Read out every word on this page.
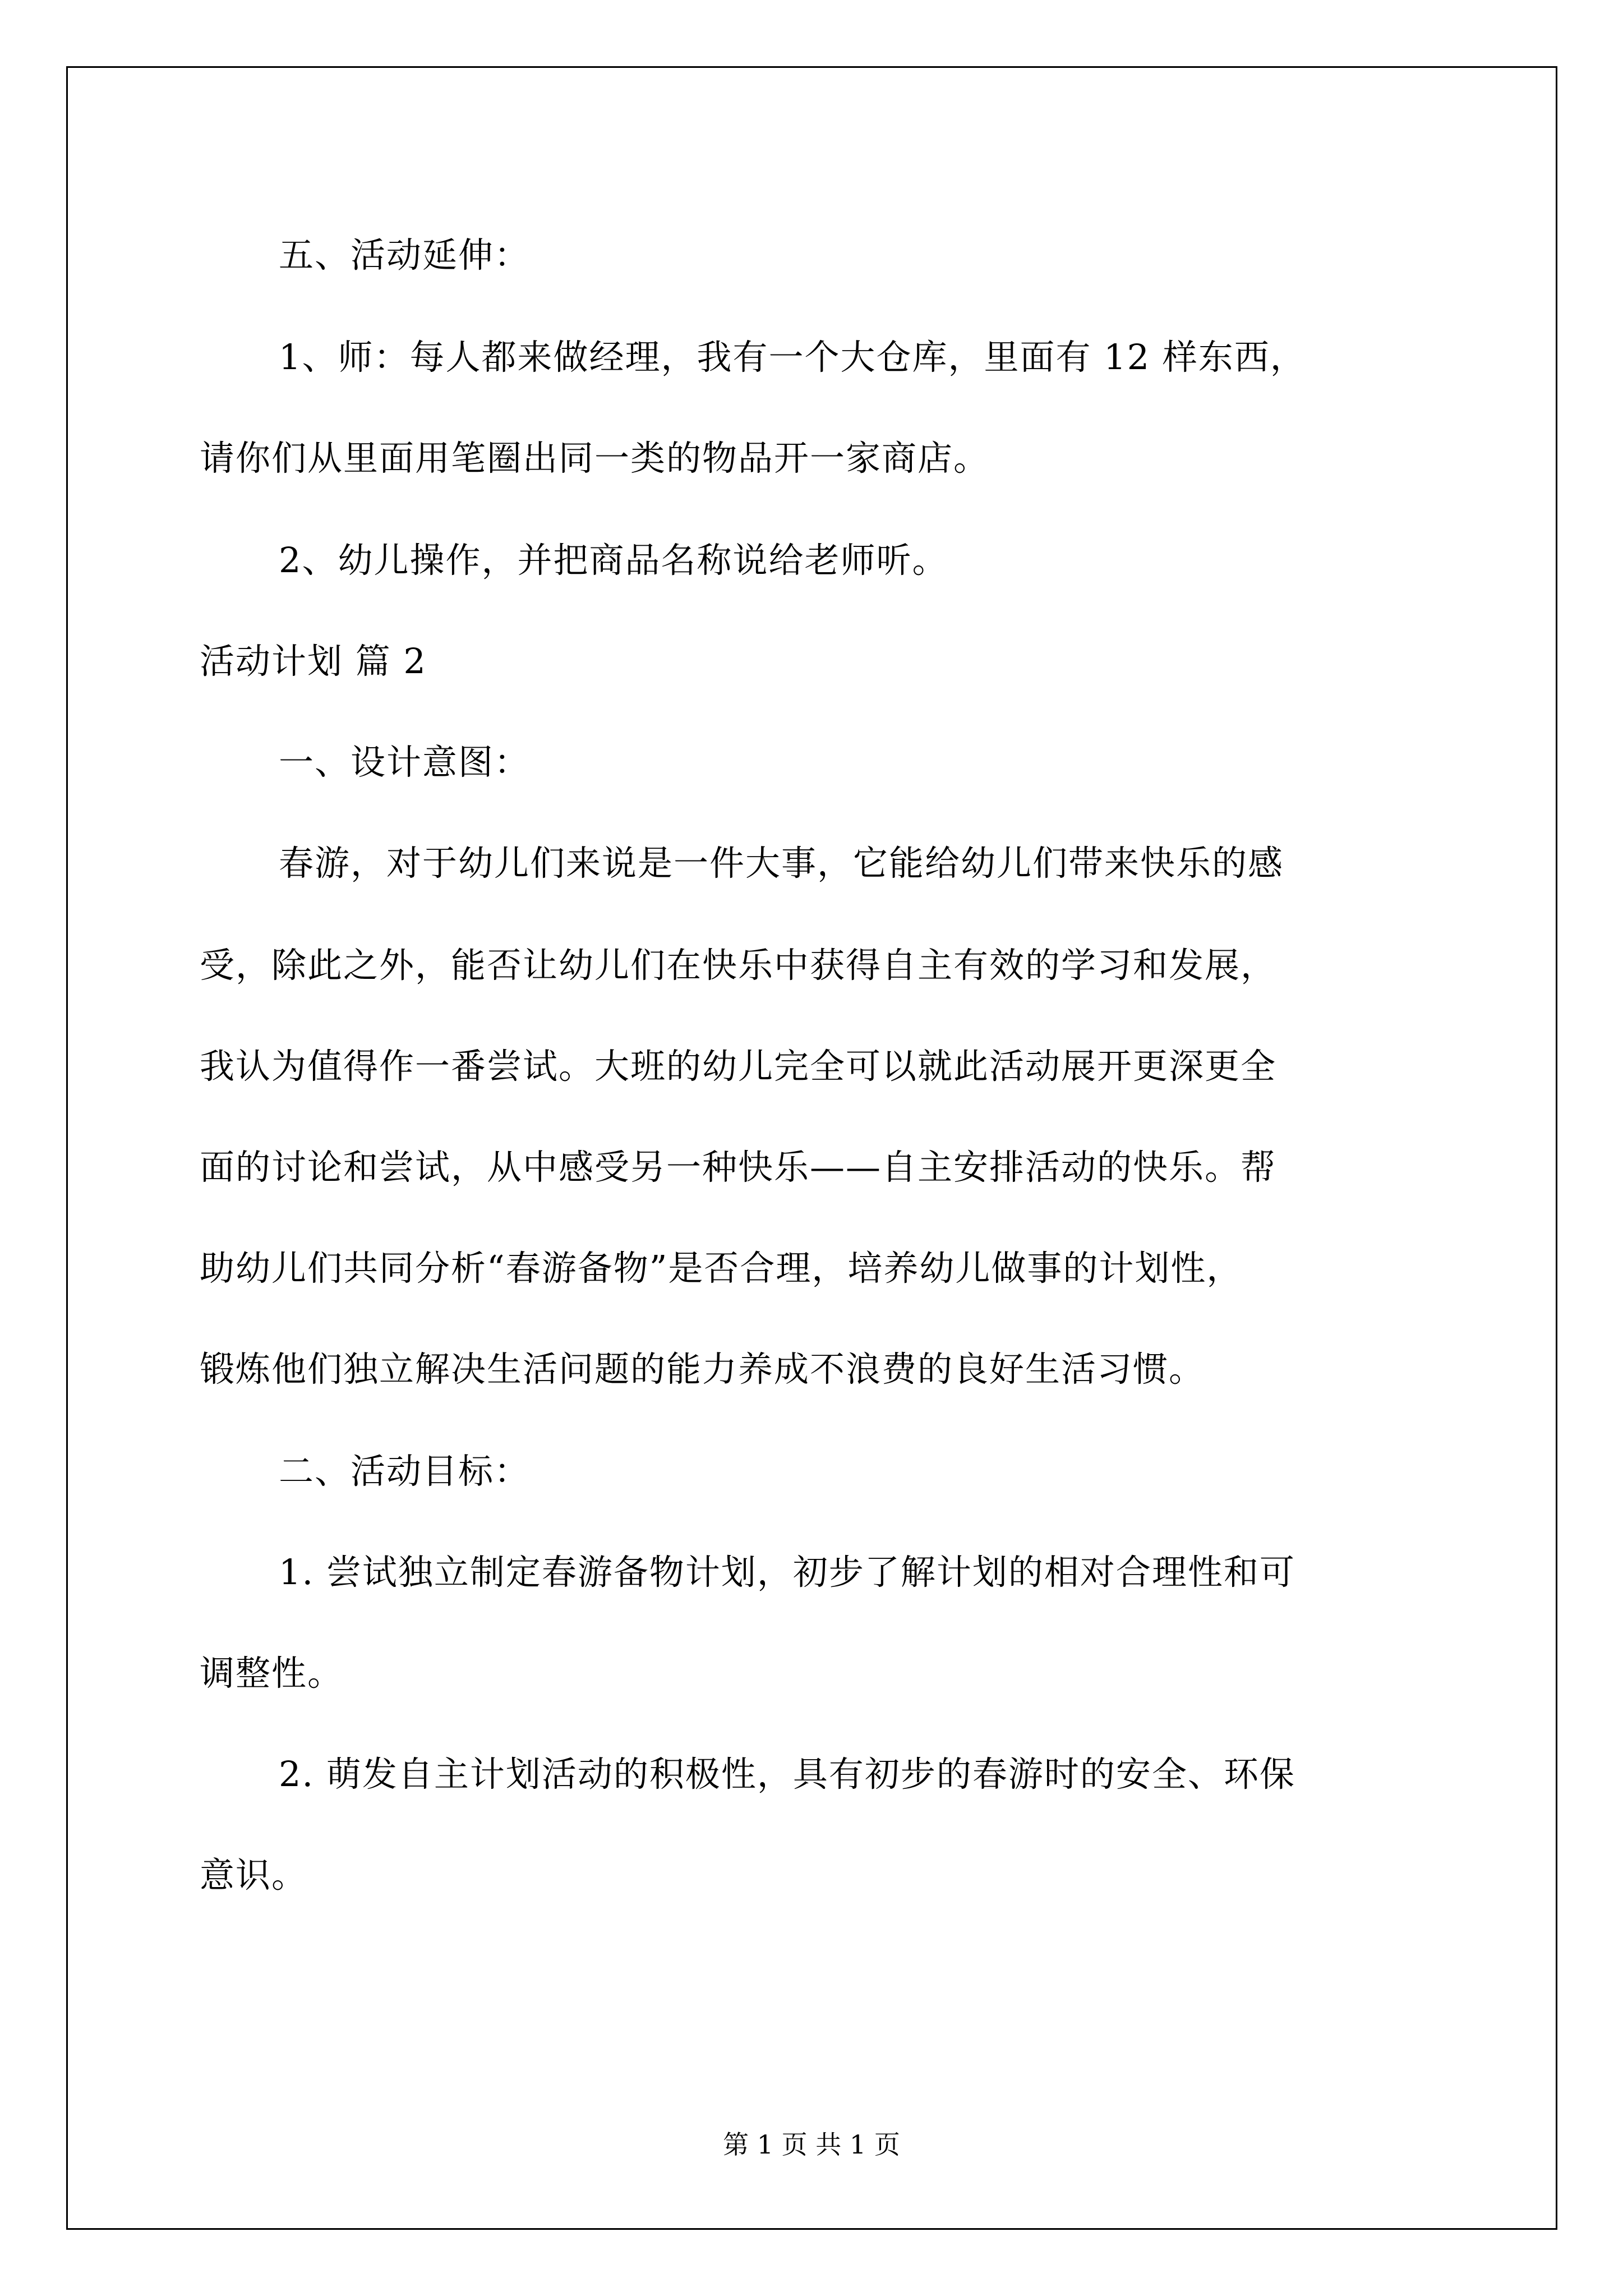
五、活动延伸：
1、师：每人都来做经理，我有一个大仓库，里面有 12 样东西，
请你们从里面用笔圈出同一类的物品开一家商店。
2、幼儿操作，并把商品名称说给老师听。
活动计划 篇 2
一、设计意图：
春游，对于幼儿们来说是一件大事，它能给幼儿们带来快乐的感
受，除此之外，能否让幼儿们在快乐中获得自主有效的学习和发展，
我认为值得作一番尝试。大班的幼儿完全可以就此活动展开更深更全
面的讨论和尝试，从中感受另一种快乐——自主安排活动的快乐。帮
助幼儿们共同分析“春游备物”是否合理，培养幼儿做事的计划性，
锻炼他们独立解决生活问题的能力养成不浪费的良好生活习惯。
二、活动目标：
1. 尝试独立制定春游备物计划，初步了解计划的相对合理性和可
调整性。
2. 萌发自主计划活动的积极性，具有初步的春游时的安全、环保
意识。
第 1 页 共 1 页
